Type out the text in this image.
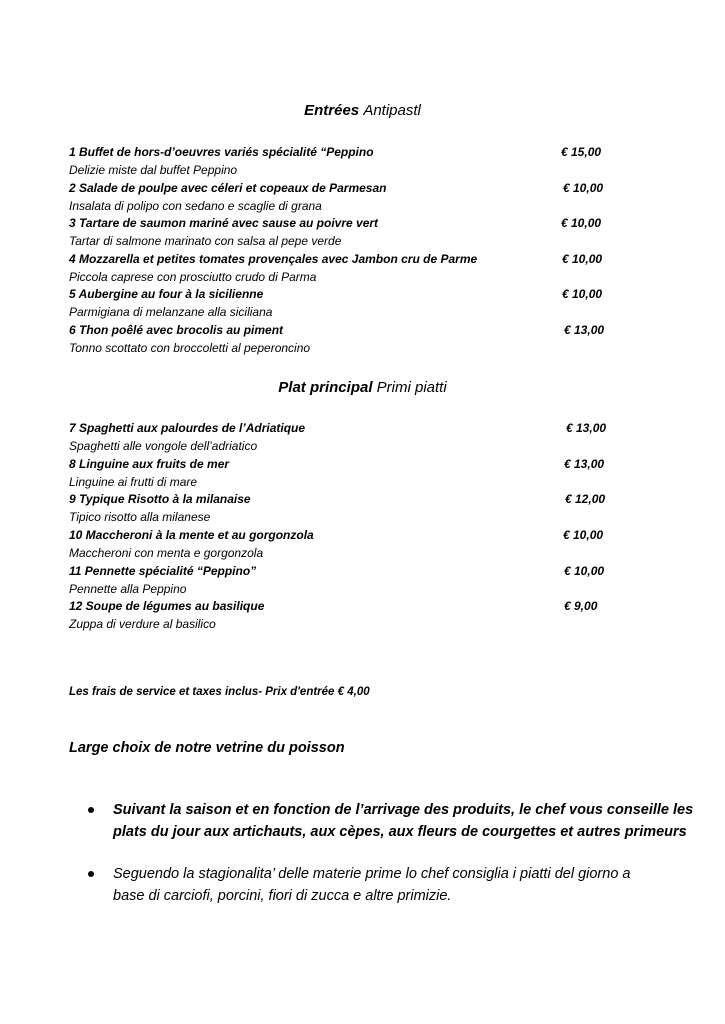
Entrées Antipastl
1 Buffet de hors-d’oeuvres variés spécialité “Peppino
Delizie miste dal buffet Peppino
€ 15,00
2 Salade de poulpe avec céleri et copeaux de Parmesan
Insalata di polipo con sedano e scaglie di grana
€ 10,00
3 Tartare de saumon mariné avec sause au poivre vert
Tartar di salmone marinato con salsa al pepe verde
€ 10,00
4 Mozzarella et petites tomates provençales avec Jambon cru de Parme
Piccola caprese con prosciutto crudo di Parma
€ 10,00
5 Aubergine au four à la sicilienne
Parmigiana di melanzane alla siciliana
€ 10,00
6 Thon poêlé avec brocolis au piment
Tonno scottato con broccoletti al peperoncino
€ 13,00
Plat principal Primi piatti
7 Spaghetti aux palourdes de l’Adriatique
Spaghetti alle vongole dell’adriatico
€ 13,00
8 Linguine aux fruits de mer
Linguine ai frutti di mare
€ 13,00
9 Typique Risotto à la milanaise
Tipico risotto alla milanese
€ 12,00
10 Maccheroni à la mente et au gorgonzola
Maccheroni con menta e gorgonzola
€ 10,00
11 Pennette spécialité “Peppino”
Pennette alla Peppino
€ 10,00
12 Soupe de légumes au basilique
Zuppa di verdure al basilico
€ 9,00
Les frais de service et taxes inclus- Prix d'entrée € 4,00
Large choix de notre vetrine du poisson
Suivant la saison et en fonction de l’arrivage des produits, le chef vous conseille les
plats du jour aux artichauts, aux cèpes, aux fleurs de courgettes et autres primeurs
Seguendo la stagionalita’ delle materie prime lo chef consiglia i piatti del giorno a
base di carciofi, porcini, fiori di zucca e altre primizie.
